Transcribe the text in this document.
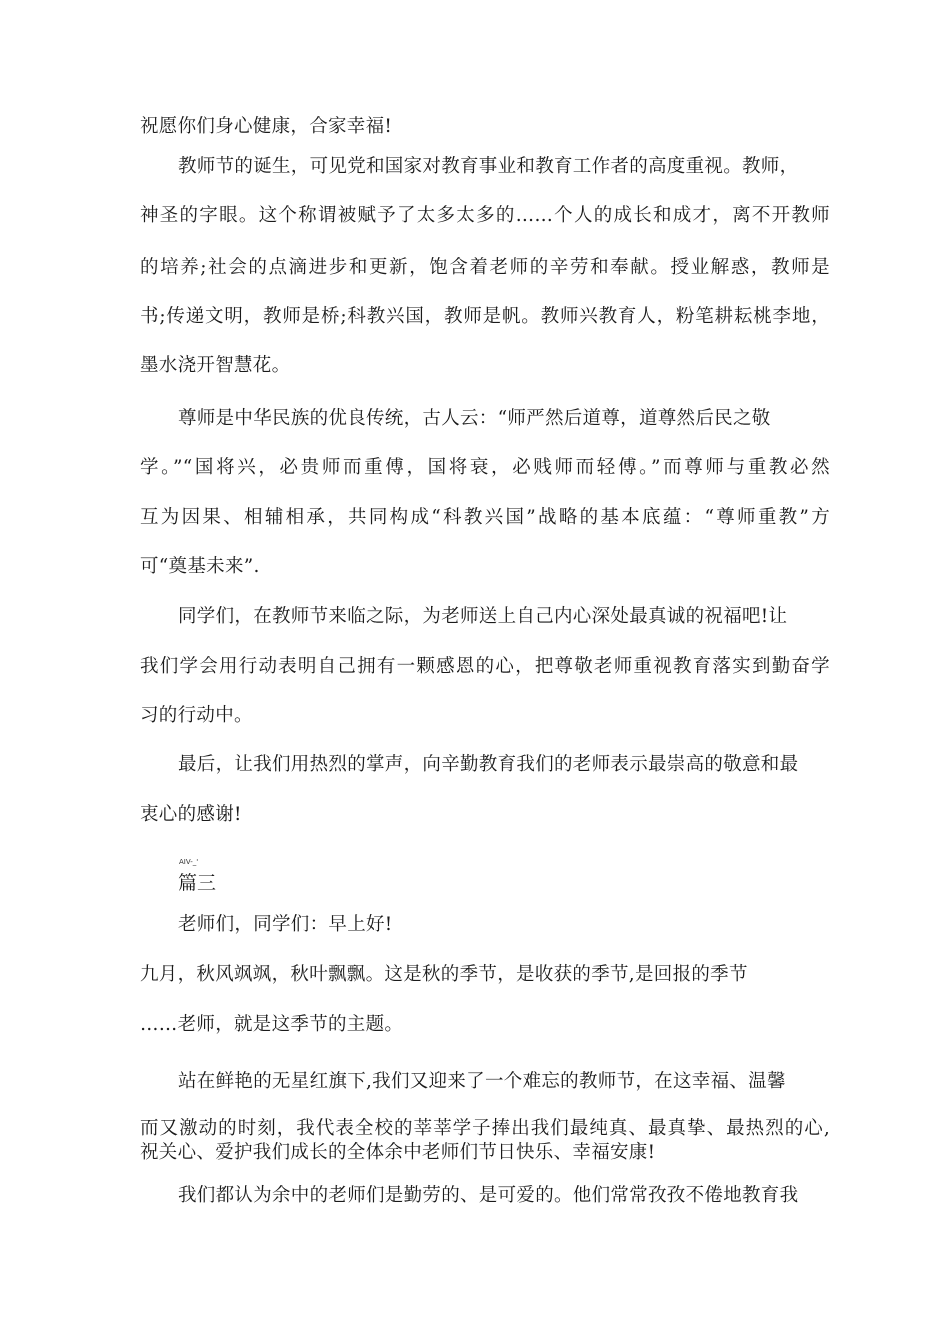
祝愿你们身心健康，合家幸福!
教师节的诞生，可见党和国家对教育事业和教育工作者的高度重视。教师，
神圣的字眼。这个称谓被赋予了太多太多的……个人的成长和成才，离不开教师
的培养;社会的点滴进步和更新，饱含着老师的辛劳和奉献。授业解惑，教师是
书;传递文明，教师是桥;科教兴国，教师是帆。教师兴教育人，粉笔耕耘桃李地，
墨水浇开智慧花。
尊师是中华民族的优良传统，古人云：“师严然后道尊，道尊然后民之敬
学。”“国将兴，必贵师而重傅，国将衰，必贱师而轻傅。”而尊师与重教必然
互为因果、相辅相承，共同构成“科教兴国”战略的基本底蕴：“尊师重教”方
可“奠基未来”.
同学们，在教师节来临之际，为老师送上自己内心深处最真诚的祝福吧!让
我们学会用行动表明自己拥有一颗感恩的心，把尊敬老师重视教育落实到勤奋学
习的行动中。
最后，让我们用热烈的掌声，向辛勤教育我们的老师表示最崇高的敬意和最
衷心的感谢!
AIV-_'
篇三
老师们，同学们：早上好!
九月，秋风飒飒，秋叶飘飘。这是秋的季节，是收获的季节,是回报的季节
……老师，就是这季节的主题。
站在鲜艳的无星红旗下,我们又迎来了一个难忘的教师节，在这幸福、温馨
而又激动的时刻，我代表全校的莘莘学子捧出我们最纯真、最真挚、最热烈的心,
祝关心、爱护我们成长的全体余中老师们节日快乐、幸福安康!
我们都认为余中的老师们是勤劳的、是可爱的。他们常常孜孜不倦地教育我
